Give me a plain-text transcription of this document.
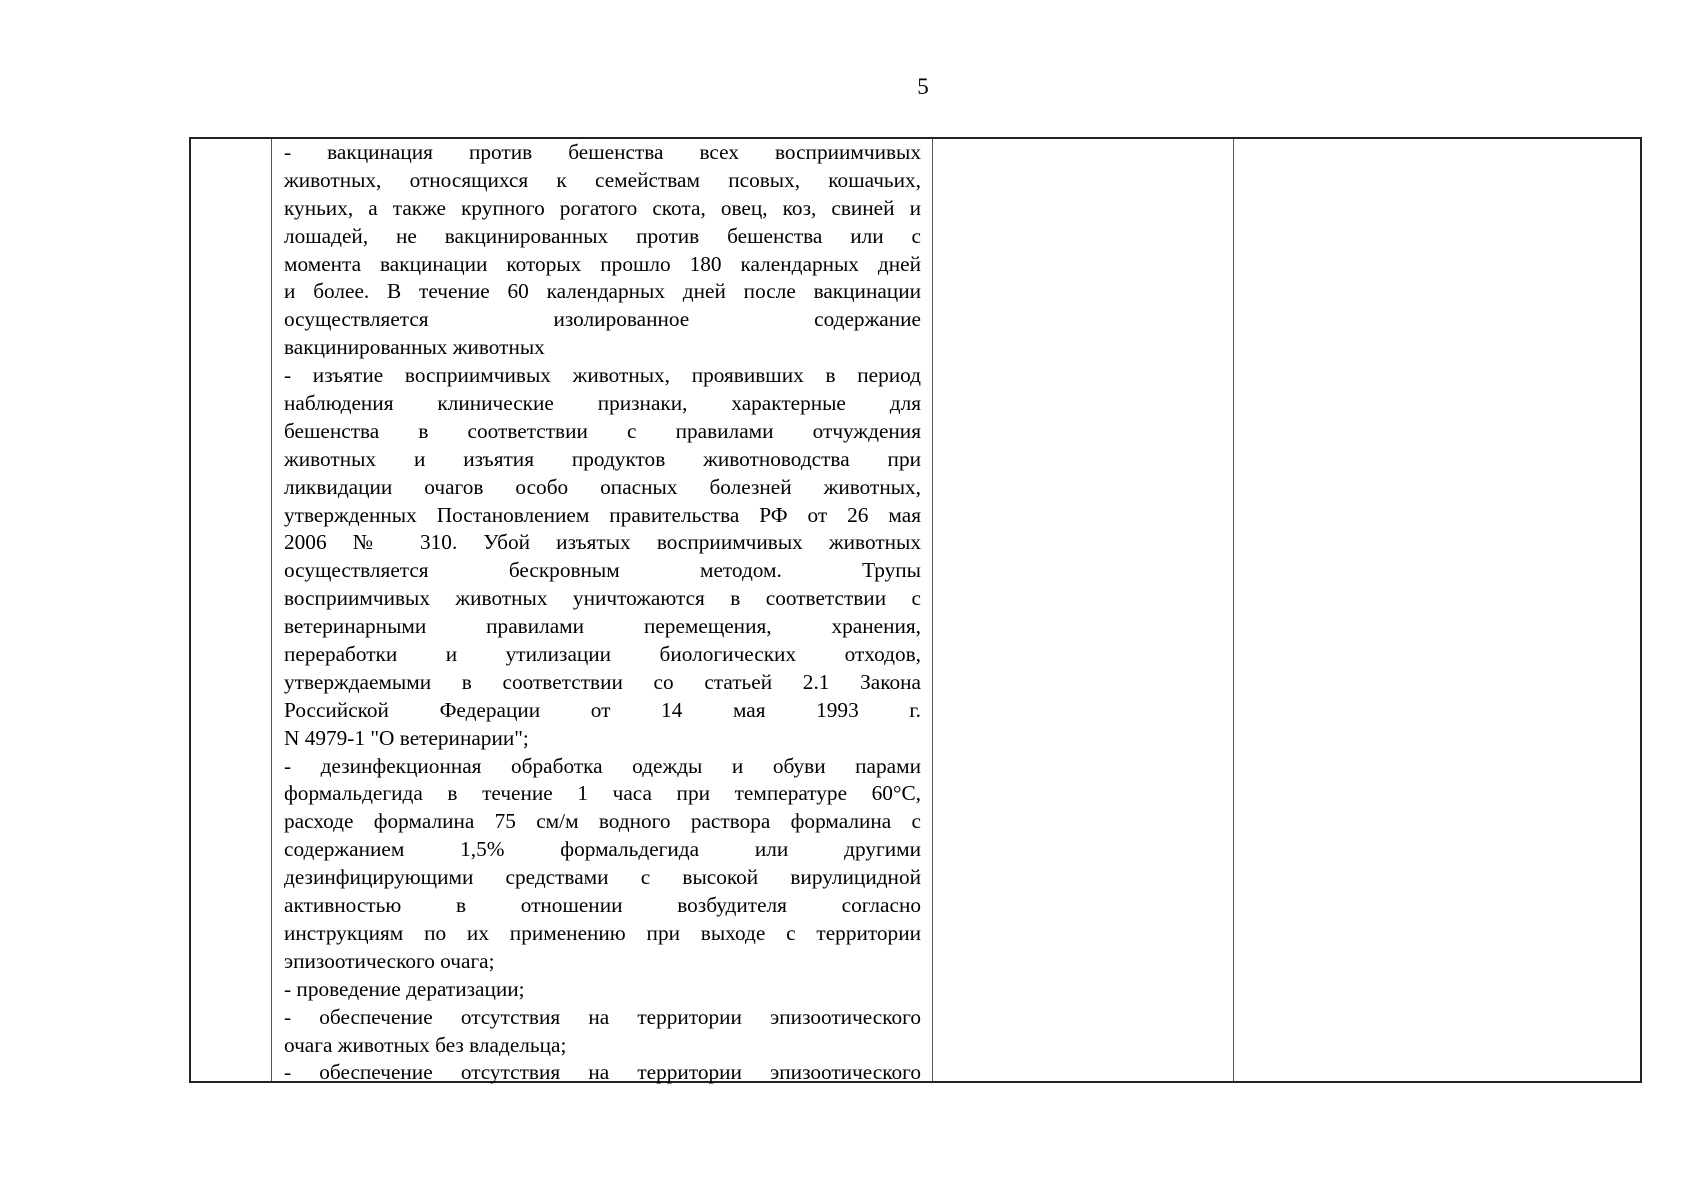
5
- вакцинация против бешенства всех восприимчивых
животных, относящихся к семействам псовых, кошачьих,
куньих, а также крупного рогатого скота, овец, коз, свиней и
лошадей, не вакцинированных против бешенства или с
момента вакцинации которых прошло 180 календарных дней
и более. В течение 60 календарных дней после вакцинации
осуществляется изолированное содержание
вакцинированных животных
- изъятие восприимчивых животных, проявивших в период
наблюдения клинические признаки, характерные для
бешенства в соответствии с правилами отчуждения
животных и изъятия продуктов животноводства при
ликвидации очагов особо опасных болезней животных,
утвержденных Постановлением правительства РФ от 26 мая
2006 № 310. Убой изъятых восприимчивых животных
осуществляется бескровным методом. Трупы
восприимчивых животных уничтожаются в соответствии с
ветеринарными правилами перемещения, хранения,
переработки и утилизации биологических отходов,
утверждаемыми в соответствии со статьей 2.1 Закона
Российской Федерации от 14 мая 1993 г.
N 4979-1 "О ветеринарии";
- дезинфекционная обработка одежды и обуви парами
формальдегида в течение 1 часа при температуре 60°С,
расходе формалина 75 см/м водного раствора формалина с
содержанием 1,5% формальдегида или другими
дезинфицирующими средствами с высокой вирулицидной
активностью в отношении возбудителя согласно
инструкциям по их применению при выходе с территории
эпизоотического очага;
- проведение дератизации;
- обеспечение отсутствия на территории эпизоотического
очага животных без владельца;
- обеспечение отсутствия на территории эпизоотического
